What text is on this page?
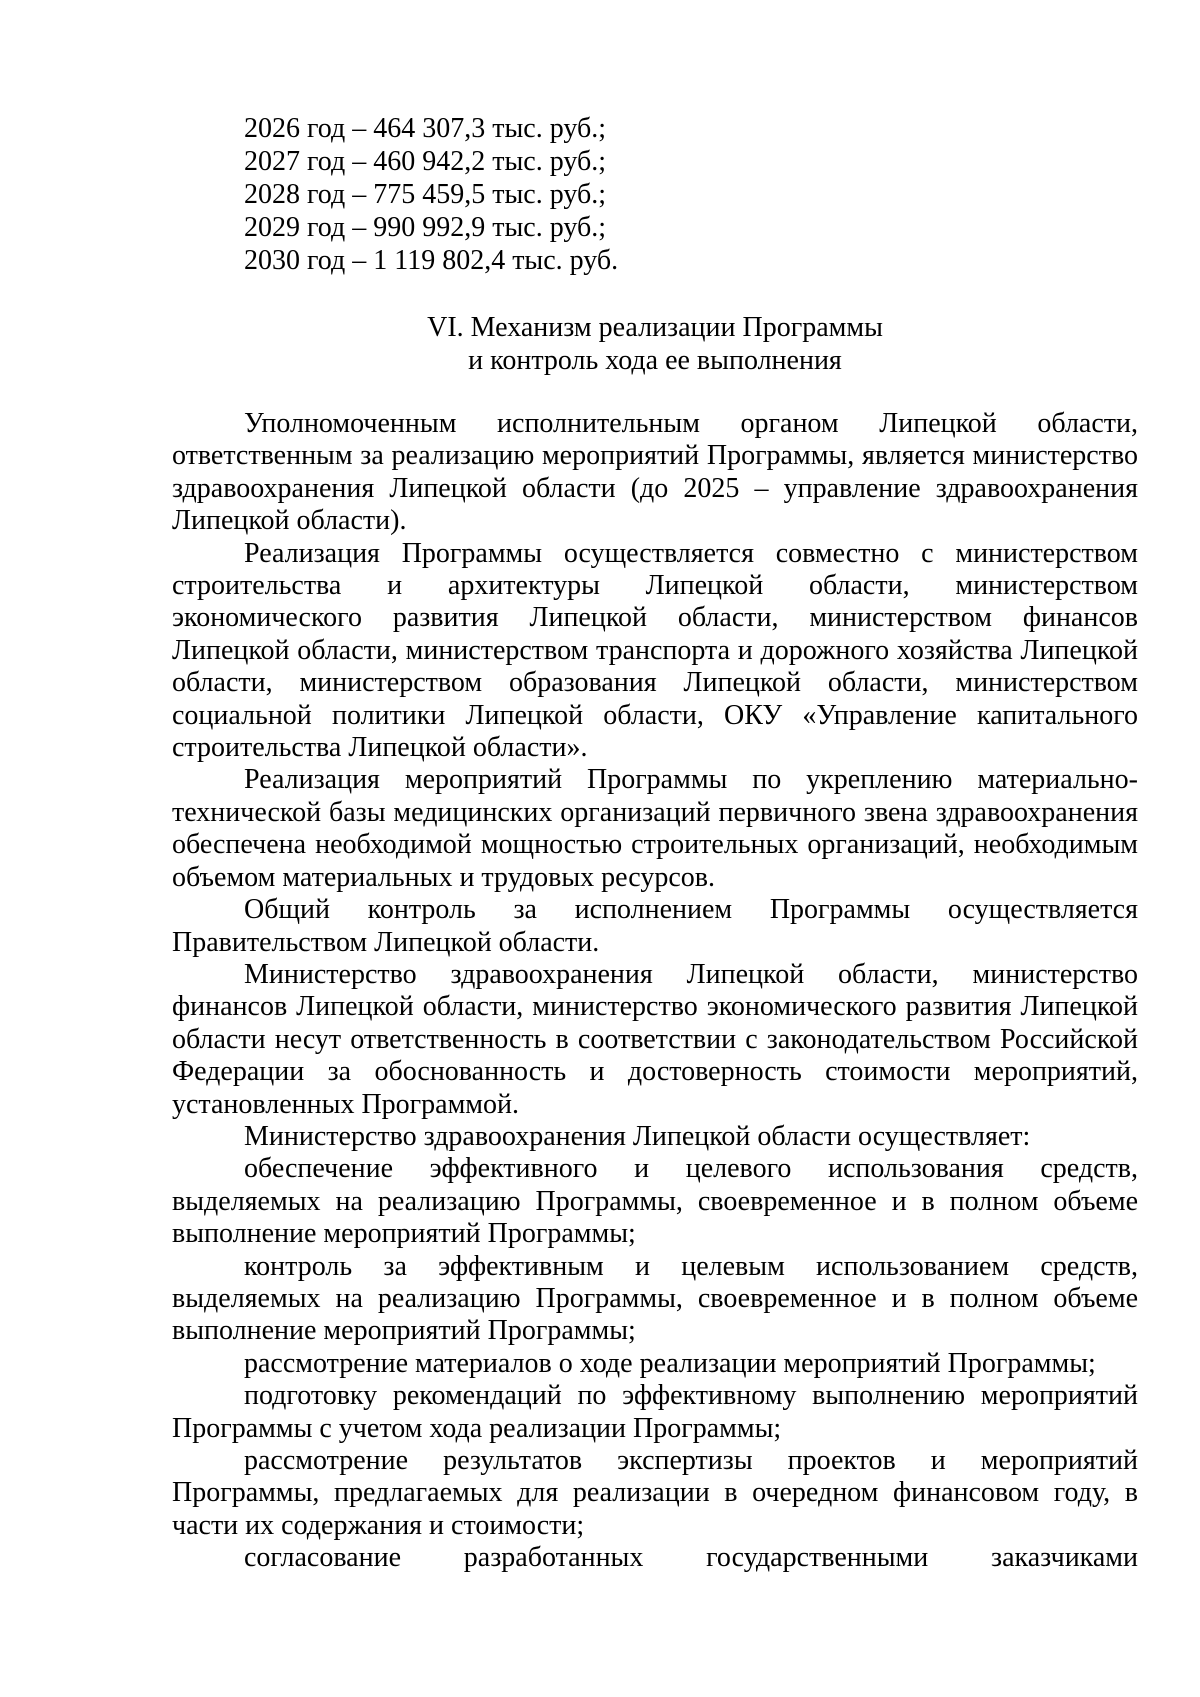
2026 год – 464 307,3 тыс. руб.;
2027 год – 460 942,2 тыс. руб.;
2028 год – 775 459,5 тыс. руб.;
2029 год – 990 992,9 тыс. руб.;
2030 год – 1 119 802,4 тыс. руб.
VI. Механизм реализации Программы
и контроль хода ее выполнения

Уполномоченным исполнительным органом Липецкой области, ответственным за реализацию мероприятий Программы, является министерство здравоохранения Липецкой области (до 2025 – управление здравоохранения Липецкой области).

Реализация Программы осуществляется совместно с министерством строительства и архитектуры Липецкой области, министерством экономического развития Липецкой области, министерством финансов Липецкой области, министерством транспорта и дорожного хозяйства Липецкой области, министерством образования Липецкой области, министерством социальной политики Липецкой области, ОКУ «Управление капитального строительства Липецкой области».

Реализация мероприятий Программы по укреплению материально-технической базы медицинских организаций первичного звена здравоохранения обеспечена необходимой мощностью строительных организаций, необходимым объемом материальных и трудовых ресурсов.

Общий контроль за исполнением Программы осуществляется Правительством Липецкой области.

Министерство здравоохранения Липецкой области, министерство финансов Липецкой области, министерство экономического развития Липецкой области несут ответственность в соответствии с законодательством Российской Федерации за обоснованность и достоверность стоимости мероприятий, установленных Программой.

Министерство здравоохранения Липецкой области осуществляет:

обеспечение эффективного и целевого использования средств, выделяемых на реализацию Программы, своевременное и в полном объеме выполнение мероприятий Программы;

контроль за эффективным и целевым использованием средств, выделяемых на реализацию Программы, своевременное и в полном объеме выполнение мероприятий Программы;

рассмотрение материалов о ходе реализации мероприятий Программы;

подготовку рекомендаций по эффективному выполнению мероприятий Программы с учетом хода реализации Программы;

рассмотрение результатов экспертизы проектов и мероприятий Программы, предлагаемых для реализации в очередном финансовом году, в части их содержания и стоимости;

согласование разработанных государственными заказчиками
